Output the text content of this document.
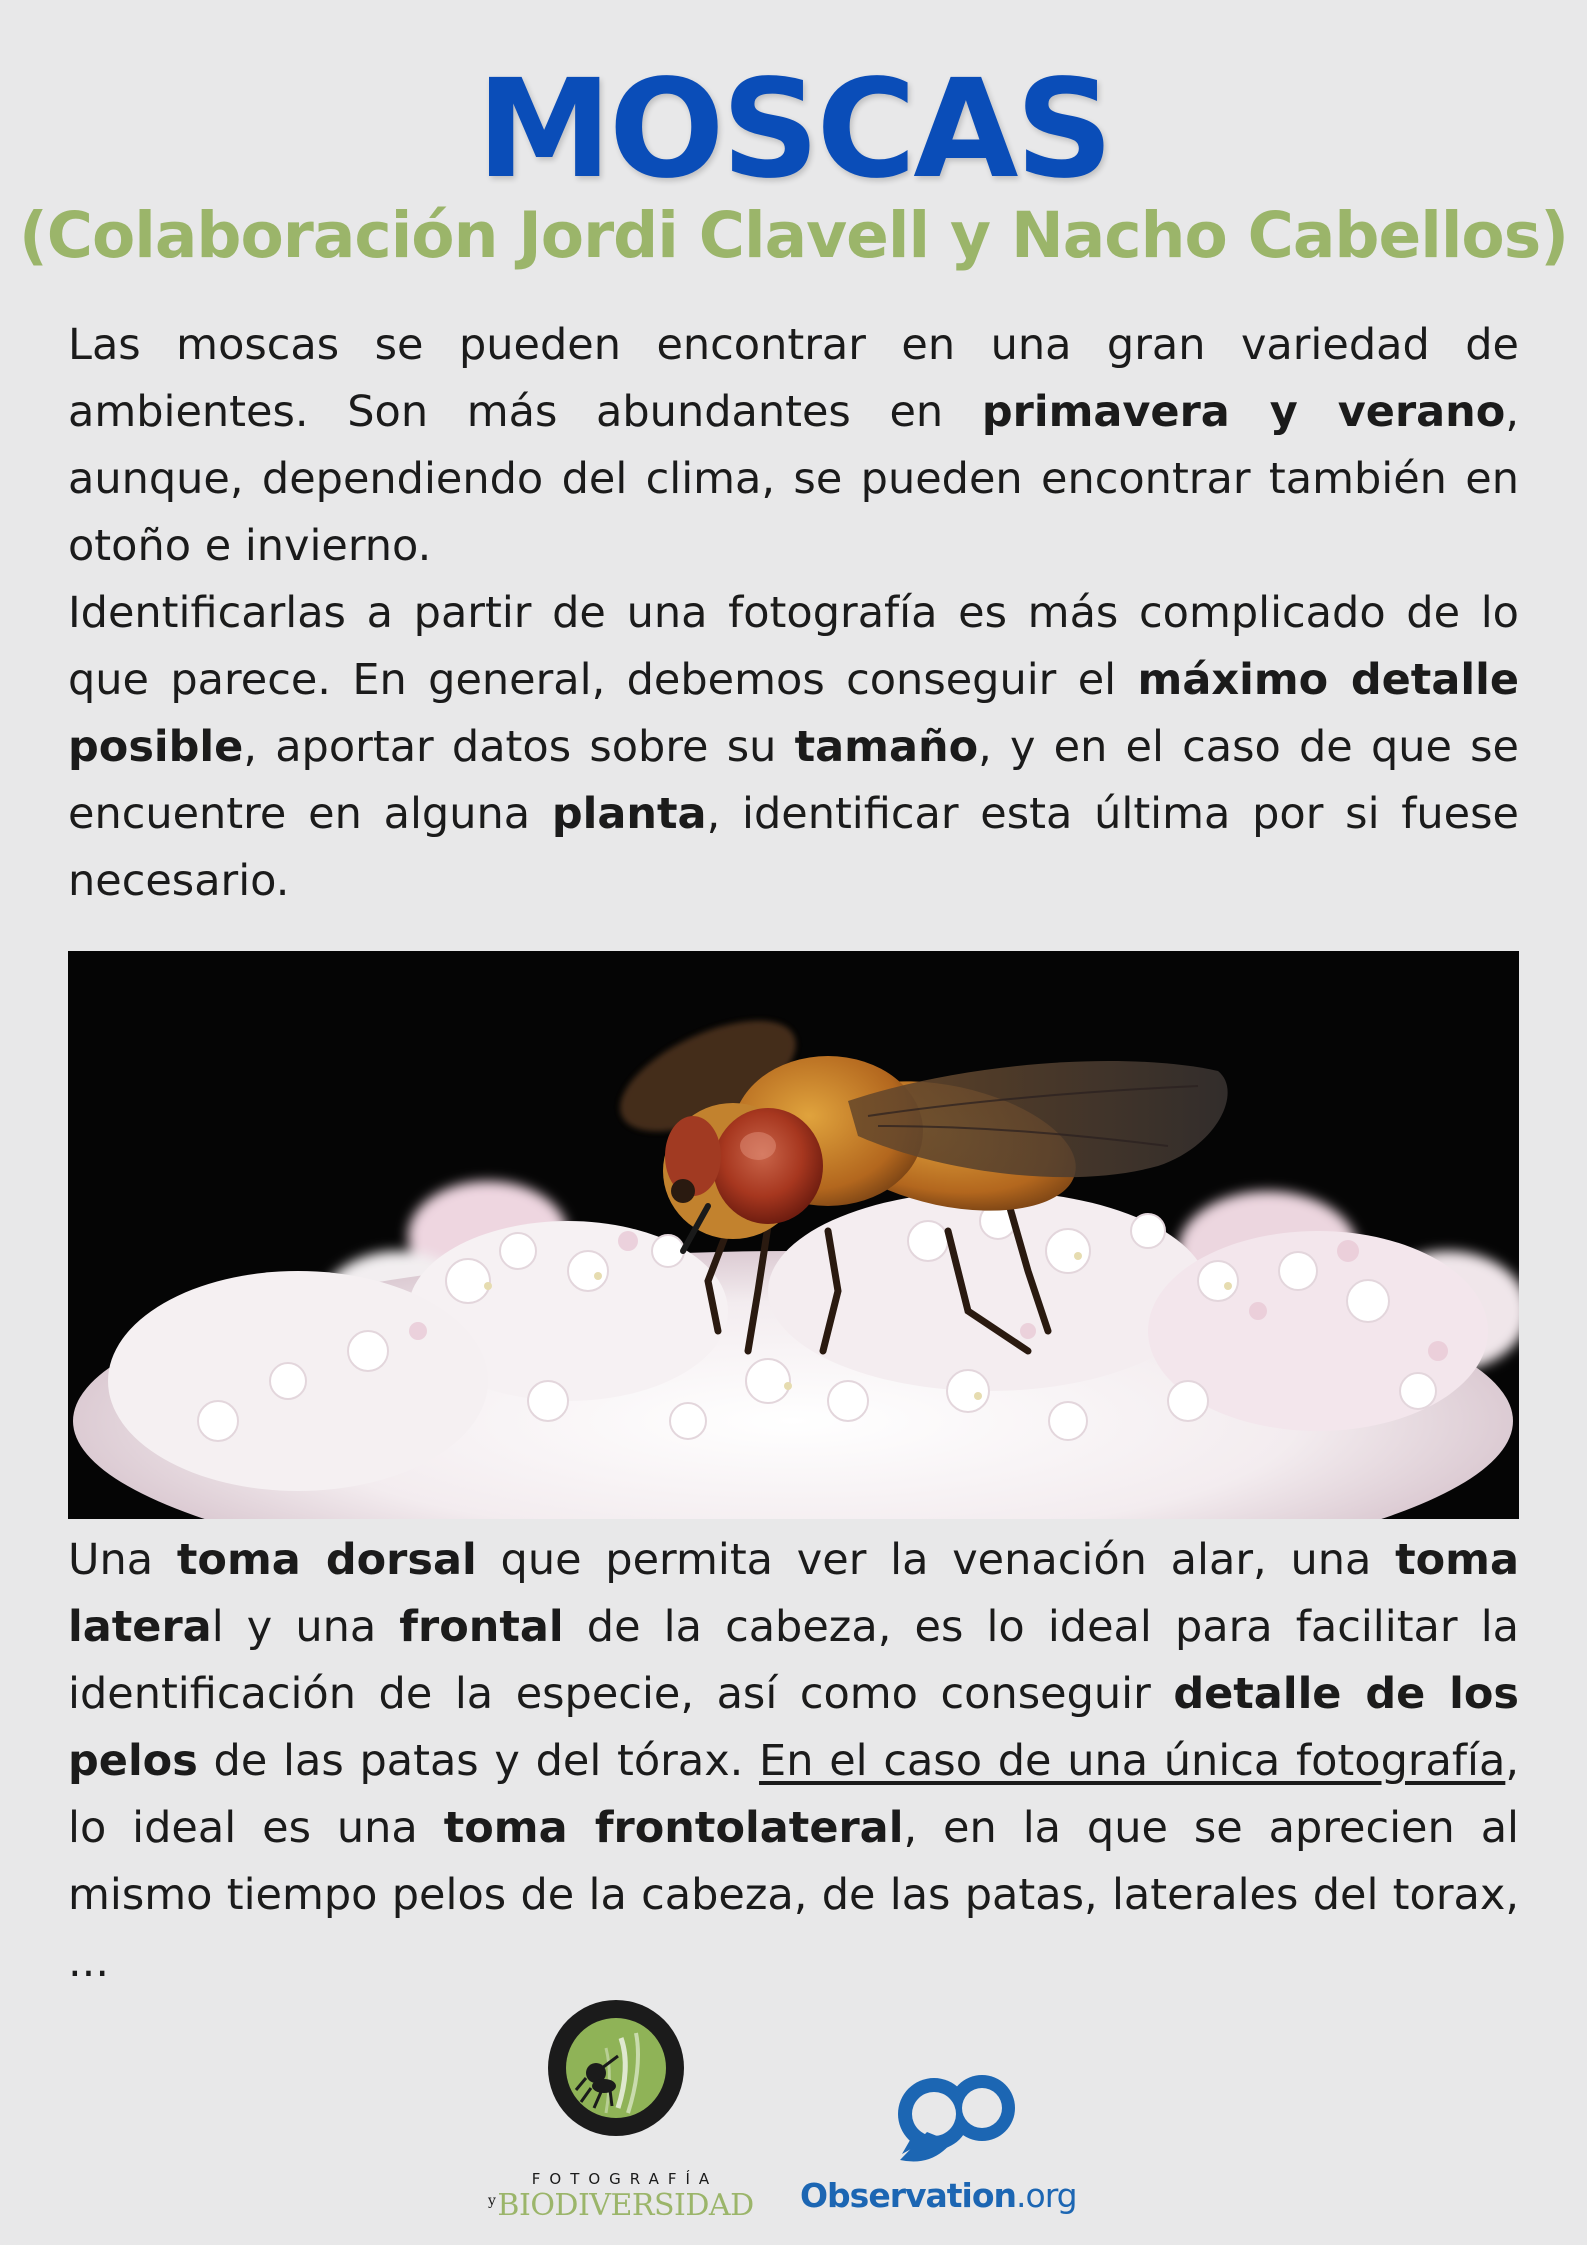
MOSCAS
(Colaboración Jordi Clavell y Nacho Cabellos)

Las moscas se pueden encontrar en una gran variedad de ambientes. Son más abundantes en primavera y verano, aunque, dependiendo del clima, se pueden encontrar también en otoño e invierno.

Identificarlas a partir de una fotografía es más complicado de lo que parece. En general, debemos conseguir el máximo detalle posible, aportar datos sobre su tamaño, y en el caso de que se encuentre en alguna planta, identificar esta última por si fuese necesario.

Una toma dorsal que permita ver la venación alar, una toma lateral y una frontal de la cabeza, es lo ideal para facilitar la identificación de la especie, así como conseguir detalle de los pelos de las patas y del tórax. En el caso de una única fotografía, lo ideal es una toma frontolateral, en la que se aprecien al mismo tiempo pelos de la cabeza, de las patas, laterales del torax, ...

FOTOGRAFÍA
$^y$BIODIVERSIDAD Observation.org
